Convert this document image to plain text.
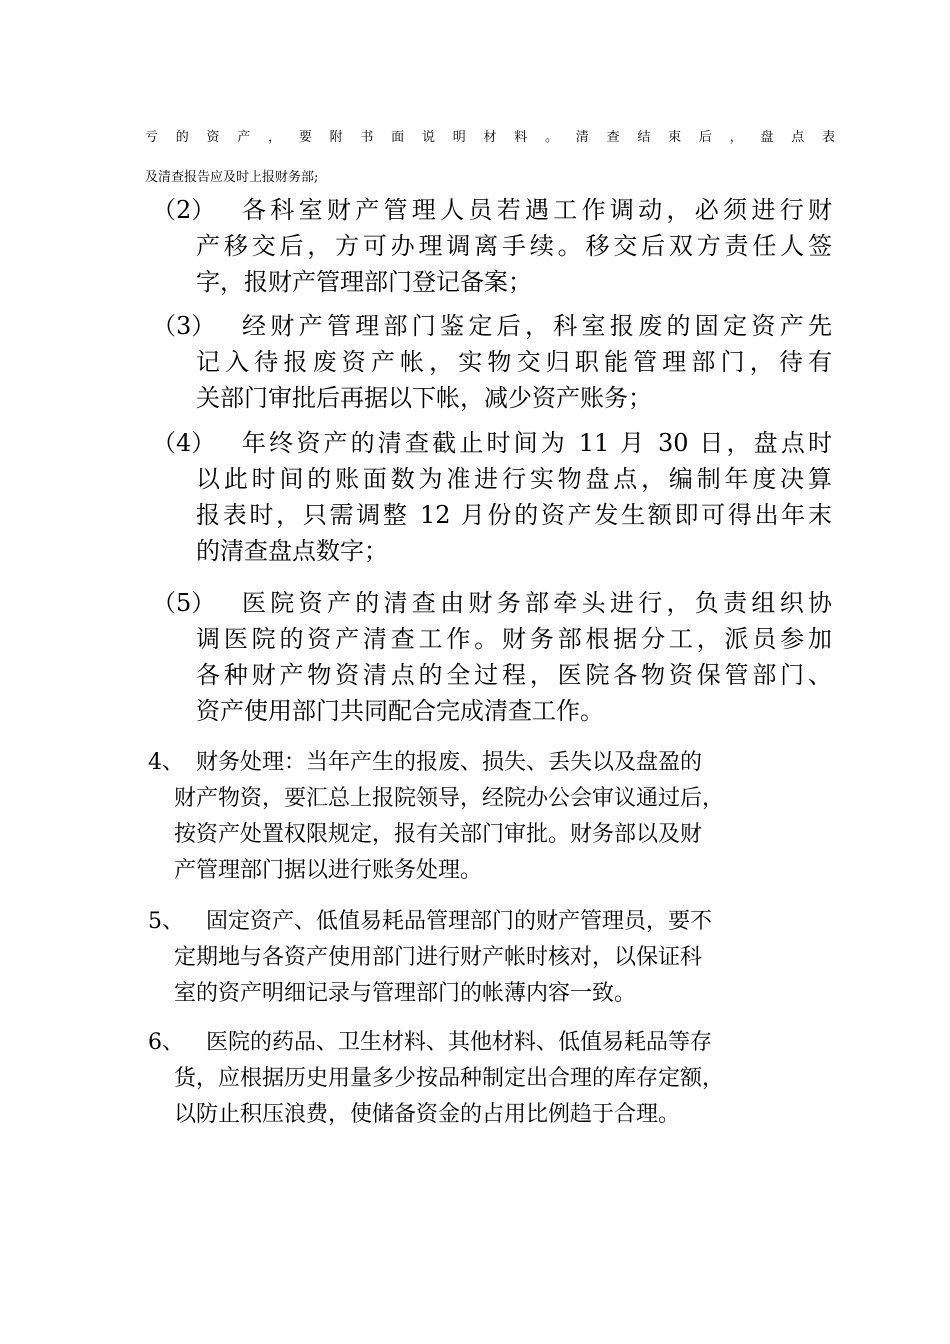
亏的资产，要附书面说明材料。清查结束后，盘点表
及清查报告应及时上报财务部;
（2）	各科室财产管理人员若遇工作调动，必须进行财
产移交后，方可办理调离手续。移交后双方责任人签
字，报财产管理部门登记备案；
（3）	经财产管理部门鉴定后，科室报废的固定资产先
记入待报废资产帐，实物交归职能管理部门，待有
关部门审批后再据以下帐，减少资产账务；
（4）	年终资产的清查截止时间为 11 月 30 日，盘点时
以此时间的账面数为准进行实物盘点，编制年度决算
报表时，只需调整 12 月份的资产发生额即可得出年末
的清查盘点数字；
（5）	医院资产的清查由财务部牵头进行，负责组织协
调医院的资产清查工作。财务部根据分工，派员参加
各种财产物资清点的全过程，医院各物资保管部门、
资产使用部门共同配合完成清查工作。
4、 财务处理：当年产生的报废、损失、丢失以及盘盈的
财产物资，要汇总上报院领导，经院办公会审议通过后，
按资产处置权限规定，报有关部门审批。财务部以及财
产管理部门据以进行账务处理。
5、	固定资产、低值易耗品管理部门的财产管理员，要不
定期地与各资产使用部门进行财产帐时核对，以保证科
室的资产明细记录与管理部门的帐薄内容一致。
6、	医院的药品、卫生材料、其他材料、低值易耗品等存
货，应根据历史用量多少按品种制定出合理的库存定额，
以防止积压浪费，使储备资金的占用比例趋于合理。
